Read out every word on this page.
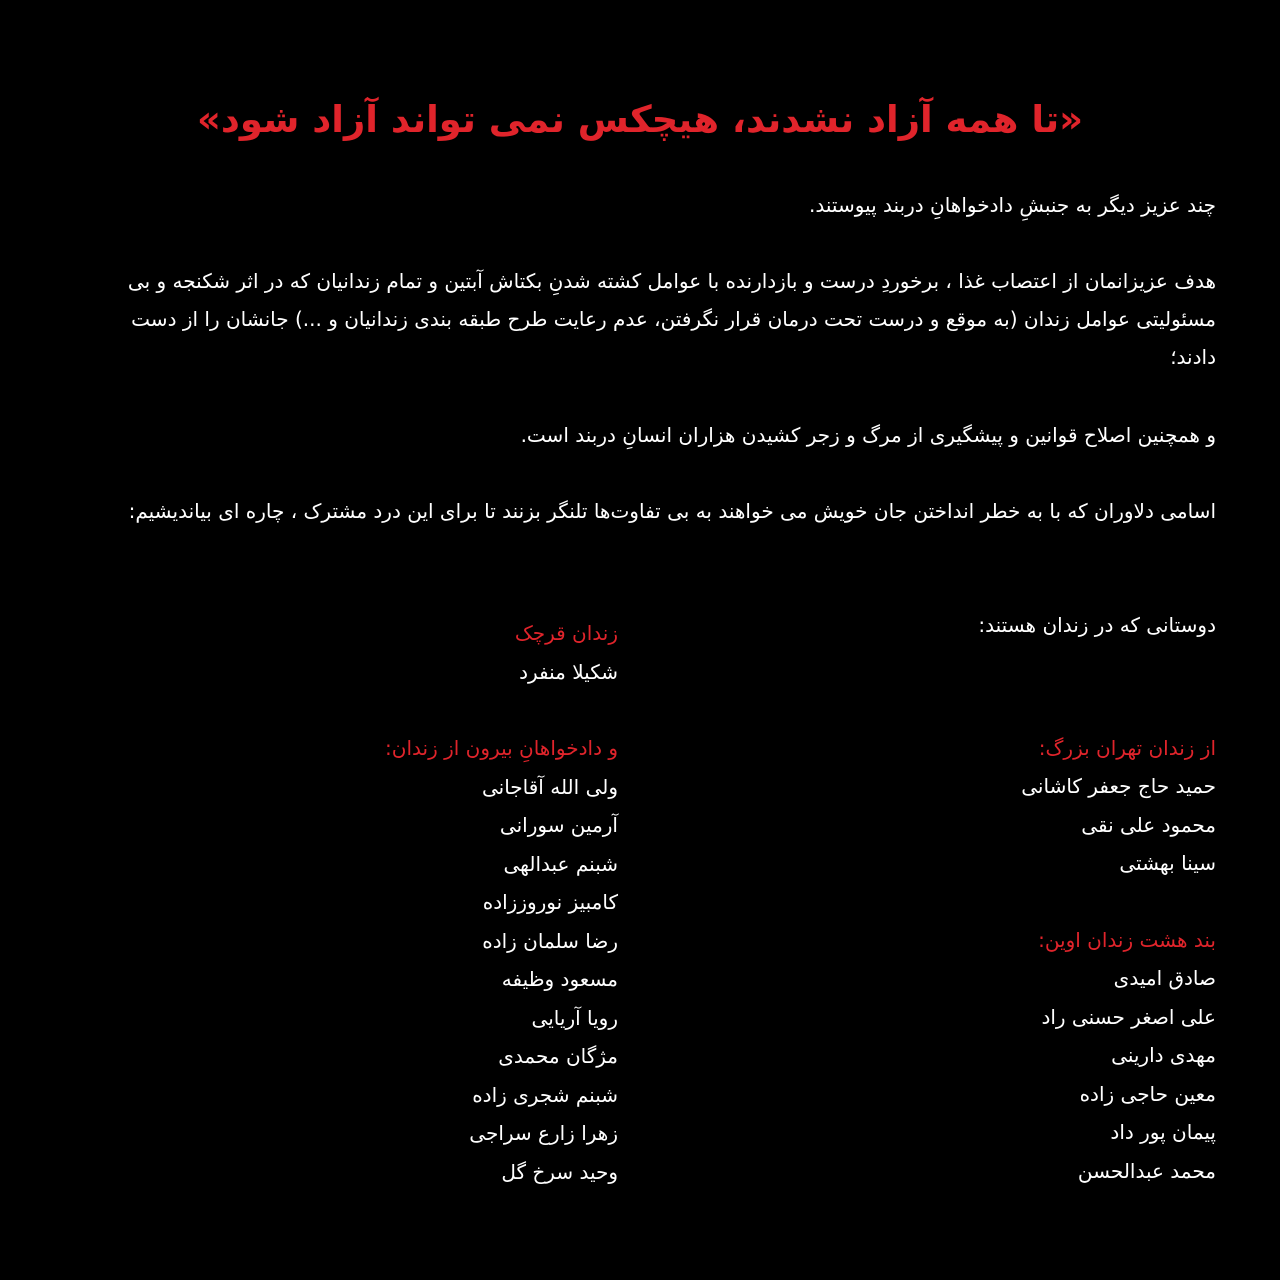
«تا همه آزاد نشدند، هیچکس نمی تواند آزاد شود»
چند عزیز دیگر به جنبشِ دادخواهانِ دربند پیوستند.
هدف عزیزانمان از اعتصاب غذا ، برخوردِ درست و بازدارنده با عوامل کشته شدنِ بکتاش آبتین و تمام زندانیان که در اثر شکنجه و بی مسئولیتی عوامل زندان (به موقع و درست تحت درمان قرار نگرفتن، عدم رعایت طرح طبقه بندی زندانیان و ...) جانشان را از دست دادند؛
و همچنین اصلاح قوانین و پیشگیری از مرگ و زجر کشیدن هزاران انسانِ دربند است.
اسامی دلاوران که با به خطر انداختن جان خویش می خواهند به بی تفاوت‌ها تلنگر بزنند تا برای این درد مشترک ، چاره ای بیاندیشیم:
دوستانی که در زندان هستند:
از زندان تهران بزرگ:
حمید حاج جعفر کاشانی
محمود علی نقی
سینا بهشتی
بند هشت زندان اوین:
صادق امیدی
علی اصغر حسنی راد
مهدی دارینی
معین حاجی زاده
پیمان پور داد
محمد عبدالحسن
زندان قرچک
شکیلا منفرد
و دادخواهانِ بیرون از زندان:
ولی الله آقاجانی
آرمین سورانی
شبنم عبدالهی
کامبیز نوروززاده
رضا سلمان زاده
مسعود وظیفه
رویا آریایی
مژگان محمدی
شبنم شجری زاده
زهرا زارع سراجی
وحید سرخ گل
